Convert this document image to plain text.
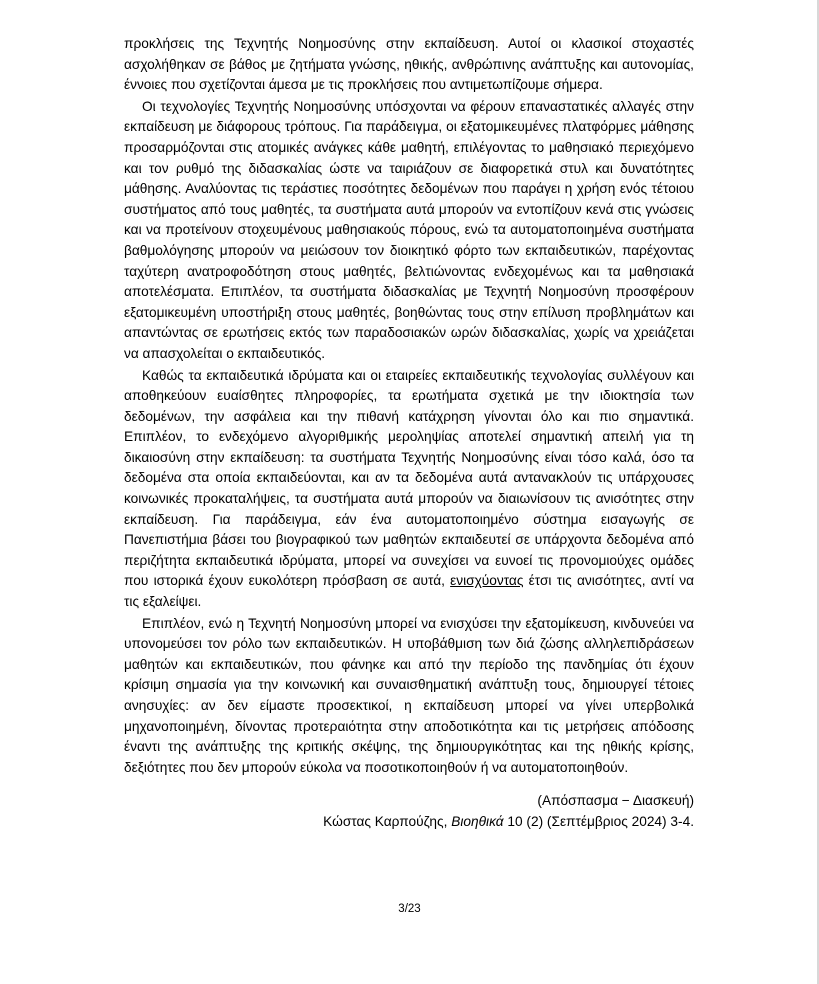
προκλήσεις της Τεχνητής Νοημοσύνης στην εκπαίδευση. Αυτοί οι κλασικοί στοχαστές ασχολήθηκαν σε βάθος με ζητήματα γνώσης, ηθικής, ανθρώπινης ανάπτυξης και αυτονομίας, έννοιες που σχετίζονται άμεσα με τις προκλήσεις που αντιμετωπίζουμε σήμερα.

Οι τεχνολογίες Τεχνητής Νοημοσύνης υπόσχονται να φέρουν επαναστατικές αλλαγές στην εκπαίδευση με διάφορους τρόπους. Για παράδειγμα, οι εξατομικευμένες πλατφόρμες μάθησης προσαρμόζονται στις ατομικές ανάγκες κάθε μαθητή, επιλέγοντας το μαθησιακό περιεχόμενο και τον ρυθμό της διδασκαλίας ώστε να ταιριάζουν σε διαφορετικά στυλ και δυνατότητες μάθησης. Αναλύοντας τις τεράστιες ποσότητες δεδομένων που παράγει η χρήση ενός τέτοιου συστήματος από τους μαθητές, τα συστήματα αυτά μπορούν να εντοπίζουν κενά στις γνώσεις και να προτείνουν στοχευμένους μαθησιακούς πόρους, ενώ τα αυτοματοποιημένα συστήματα βαθμολόγησης μπορούν να μειώσουν τον διοικητικό φόρτο των εκπαιδευτικών, παρέχοντας ταχύτερη ανατροφοδότηση στους μαθητές, βελτιώνοντας ενδεχομένως και τα μαθησιακά αποτελέσματα. Επιπλέον, τα συστήματα διδασκαλίας με Τεχνητή Νοημοσύνη προσφέρουν εξατομικευμένη υποστήριξη στους μαθητές, βοηθώντας τους στην επίλυση προβλημάτων και απαντώντας σε ερωτήσεις εκτός των παραδοσιακών ωρών διδασκαλίας, χωρίς να χρειάζεται να απασχολείται ο εκπαιδευτικός.

Καθώς τα εκπαιδευτικά ιδρύματα και οι εταιρείες εκπαιδευτικής τεχνολογίας συλλέγουν και αποθηκεύουν ευαίσθητες πληροφορίες, τα ερωτήματα σχετικά με την ιδιοκτησία των δεδομένων, την ασφάλεια και την πιθανή κατάχρηση γίνονται όλο και πιο σημαντικά. Επιπλέον, το ενδεχόμενο αλγοριθμικής μεροληψίας αποτελεί σημαντική απειλή για τη δικαιοσύνη στην εκπαίδευση: τα συστήματα Τεχνητής Νοημοσύνης είναι τόσο καλά, όσο τα δεδομένα στα οποία εκπαιδεύονται, και αν τα δεδομένα αυτά αντανακλούν τις υπάρχουσες κοινωνικές προκαταλήψεις, τα συστήματα αυτά μπορούν να διαιωνίσουν τις ανισότητες στην εκπαίδευση. Για παράδειγμα, εάν ένα αυτοματοποιημένο σύστημα εισαγωγής σε Πανεπιστήμια βάσει του βιογραφικού των μαθητών εκπαιδευτεί σε υπάρχοντα δεδομένα από περιζήτητα εκπαιδευτικά ιδρύματα, μπορεί να συνεχίσει να ευνοεί τις προνομιούχες ομάδες που ιστορικά έχουν ευκολότερη πρόσβαση σε αυτά, ενισχύοντας έτσι τις ανισότητες, αντί να τις εξαλείψει.

Επιπλέον, ενώ η Τεχνητή Νοημοσύνη μπορεί να ενισχύσει την εξατομίκευση, κινδυνεύει να υπονομεύσει τον ρόλο των εκπαιδευτικών. Η υποβάθμιση των διά ζώσης αλληλεπιδράσεων μαθητών και εκπαιδευτικών, που φάνηκε και από την περίοδο της πανδημίας ότι έχουν κρίσιμη σημασία για την κοινωνική και συναισθηματική ανάπτυξη τους, δημιουργεί τέτοιες ανησυχίες: αν δεν είμαστε προσεκτικοί, η εκπαίδευση μπορεί να γίνει υπερβολικά μηχανοποιημένη, δίνοντας προτεραιότητα στην αποδοτικότητα και τις μετρήσεις απόδοσης έναντι της ανάπτυξης της κριτικής σκέψης, της δημιουργικότητας και της ηθικής κρίσης, δεξιότητες που δεν μπορούν εύκολα να ποσοτικοποιηθούν ή να αυτοματοποιηθούν.

(Απόσπασμα − Διασκευή)
Κώστας Καρπούζης, Βιοηθικά 10 (2) (Σεπτέμβριος 2024) 3-4.
3/23
